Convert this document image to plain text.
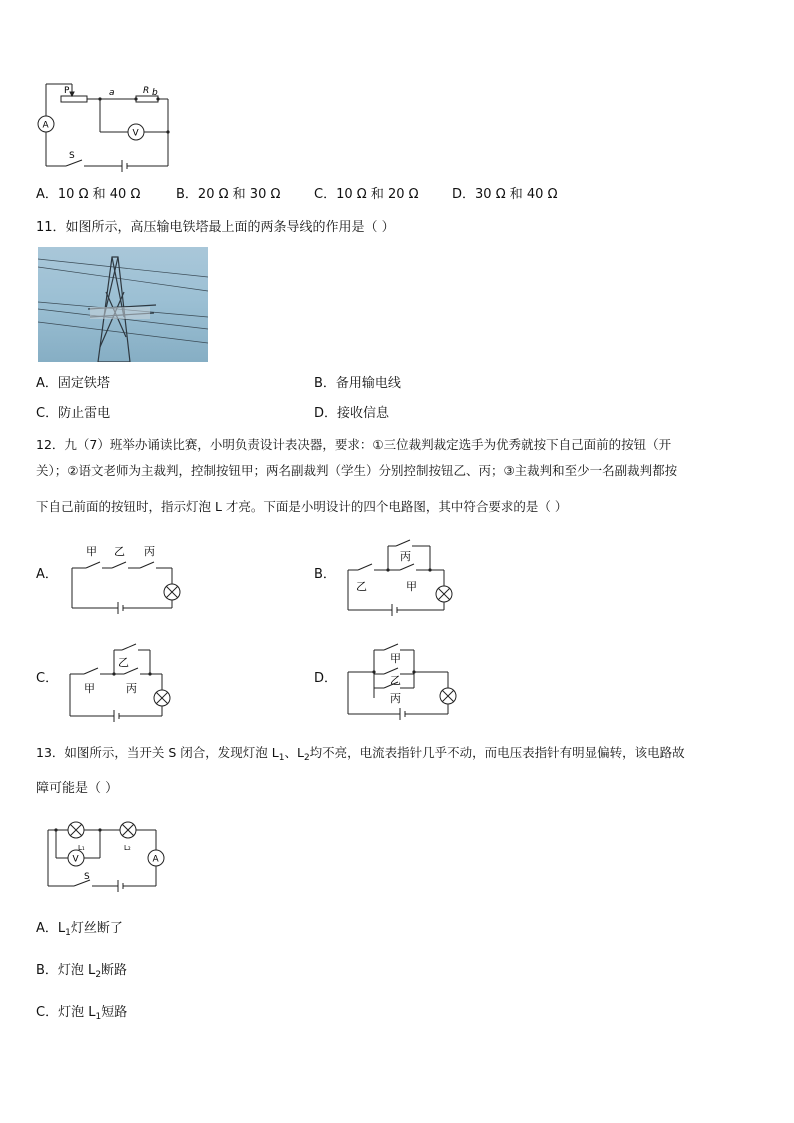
P	a	R b
A
V
S
A．10 Ω 和 40 Ω	B．20 Ω 和 30 Ω	C．10 Ω 和 20 Ω	D．30 Ω 和 40 Ω
11．如图所示，高压输电铁塔最上面的两条导线的作用是（ ）
A．固定铁塔	B．备用输电线
C．防止雷电	D．接收信息
12．九（7）班举办诵读比赛，小明负责设计表决器，要求：①三位裁判裁定选手为优秀就按下自己面前的按钮（开
关）；②语文老师为主裁判，控制按钮甲；两名副裁判（学生）分别控制按钮乙、丙；③主裁判和至少一名副裁判都按
下自己前面的按钮时，指示灯泡 L 才亮。下面是小明设计的四个电路图，其中符合要求的是（ ）
A．
甲 乙 丙
B．
丙
乙	甲
C．
乙
甲	丙
D．
甲
乙
丙
13．如图所示，当开关 S 闭合，发现灯泡 $L_1$、$L_2$均不亮，电流表指针几乎不动，而电压表指针有明显偏转，该电路故
障可能是（ ）
V	A
L₁	L₂
S
A．$L_1$灯丝断了
B．灯泡 $L_2$断路
C．灯泡 $L_1$短路
